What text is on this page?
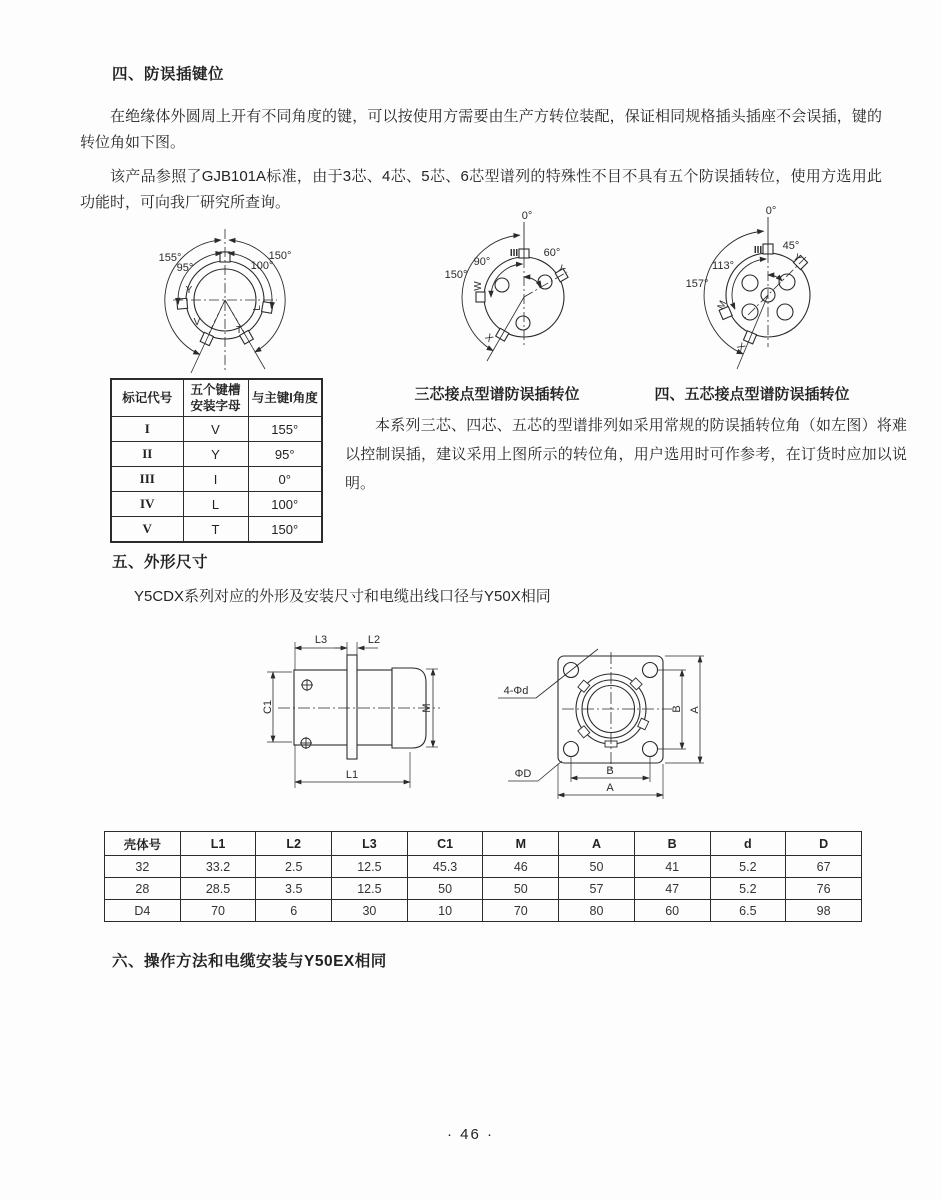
四、防误插键位
在绝缘体外圆周上开有不同角度的键，可以按使用方需要由生产方转位装配，保证相同规格插头插座不会误插，键的转位角如下图。
该产品参照了GJB101A标准，由于3芯、4芯、5芯、6芯型谱列的特殊性不目不具有五个防误插转位，使用方选用此功能时，可向我厂研究所查询。
155°
95°
150°
100°
Y
V
T
L
0°
60°
90°
150°
III
Y
W
X
0°
45°
113°
157°
III
Y
M
X
标记代号	五个键槽安装字母	与主键I角度
I	V	155°
II	Y	95°
III	I	0°
IV	L	100°
V	T	150°
三芯接点型谱防误插转位	四、五芯接点型谱防误插转位
本系列三芯、四芯、五芯的型谱排列如采用常规的防误插转位角（如左图）将难以控制误插，建议采用上图所示的转位角，用户选用时可作参考，在订货时应加以说明。
五、外形尺寸
Y5CDX系列对应的外形及安装尺寸和电缆出线口径与Y50X相同
L3	L2
C1	M
L1
4-Φd
ΦD	B
A
B A
壳体号	L1	L2	L3	C1	M	A	B	d	D
32	33.2	2.5	12.5	45.3	46	50	41	5.2	67
28	28.5	3.5	12.5	50	50	57	47	5.2	76
D4	70	6	30	10	70	80	60	6.5	98
六、操作方法和电缆安装与Y50EX相同
· 46 ·
